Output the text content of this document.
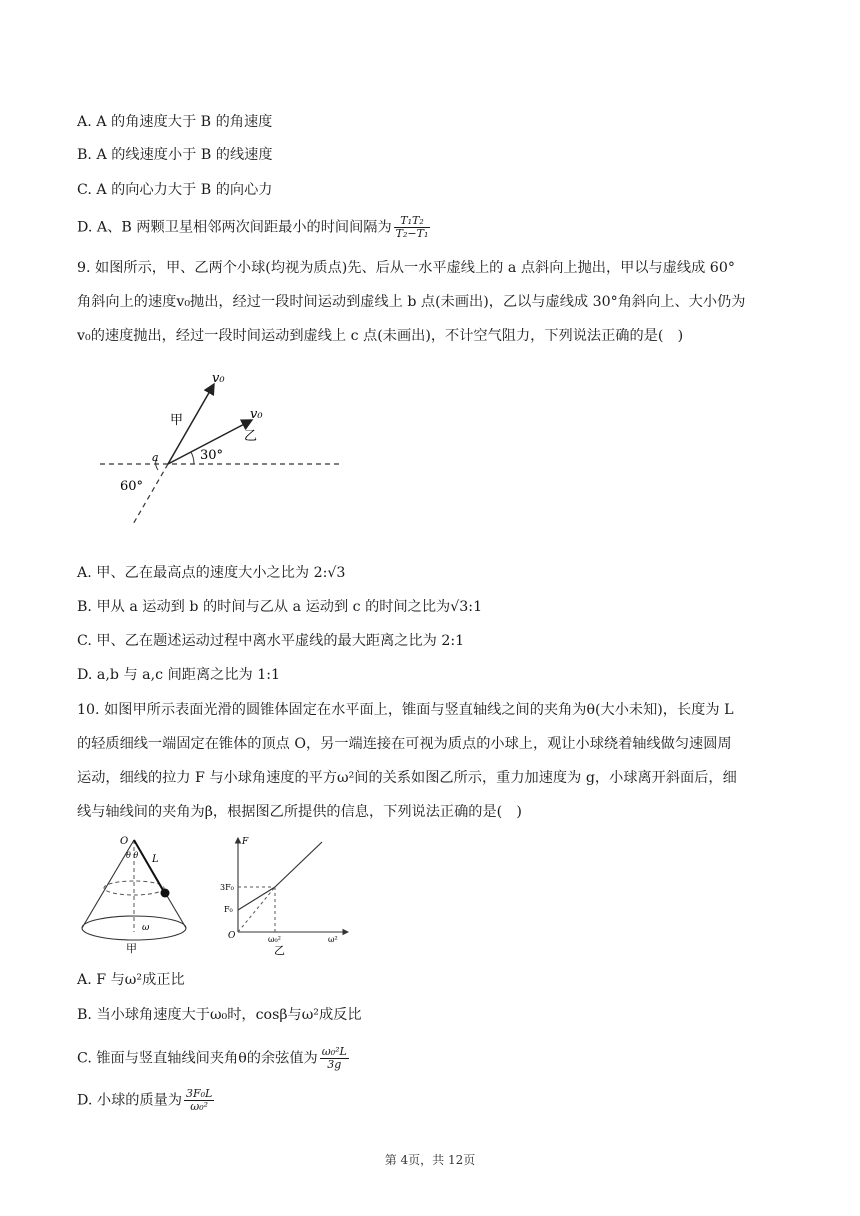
A. A 的角速度大于 B 的角速度
B. A 的线速度小于 B 的线速度
C. A 的向心力大于 B 的向心力
D. A、B 两颗卫星相邻两次间距最小的时间间隔为 $\frac{\text{T₁T₂}}{\text{T₂−T₁}}$
9. 如图所示，甲、乙两个小球(均视为质点)先、后从一水平虚线上的 a 点斜向上抛出，甲以与虚线成 60°
角斜向上的速度v₀抛出，经过一段时间运动到虚线上 b 点(未画出)，乙以与虚线成 30°角斜向上、大小仍为
v₀的速度抛出，经过一段时间运动到虚线上 c 点(未画出)，不计空气阻力，下列说法正确的是(　)
v₀
v₀
甲
乙
a	30°
60°
A. 甲、乙在最高点的速度大小之比为 2:√3
B. 甲从 a 运动到 b 的时间与乙从 a 运动到 c 的时间之比为√3:1
C. 甲、乙在题述运动过程中离水平虚线的最大距离之比为 2:1
D. a,b 与 a,c 间距离之比为 1:1
10. 如图甲所示表面光滑的圆锥体固定在水平面上，锥面与竖直轴线之间的夹角为θ(大小未知)，长度为 L
的轻质细线一端固定在锥体的顶点 O，另一端连接在可视为质点的小球上，观让小球绕着轴线做匀速圆周
运动，细线的拉力 F 与小球角速度的平方ω²间的关系如图乙所示，重力加速度为 g，小球离开斜面后，细
线与轴线间的夹角为β，根据图乙所提供的信息，下列说法正确的是(　)
O
θ θ L
ω
甲
F
3F₀
F₀
O	ω₀²	ω²
乙
A. F 与ω²成正比
B. 当小球角速度大于ω₀时，cosβ与ω²成反比
C. 锥面与竖直轴线间夹角θ的余弦值为 $\frac{\text{ω₀²L}}{3g}$
D. 小球的质量为 $\frac{\text{3F₀L}}{\text{ω₀²}}$
第 4页，共 12页
